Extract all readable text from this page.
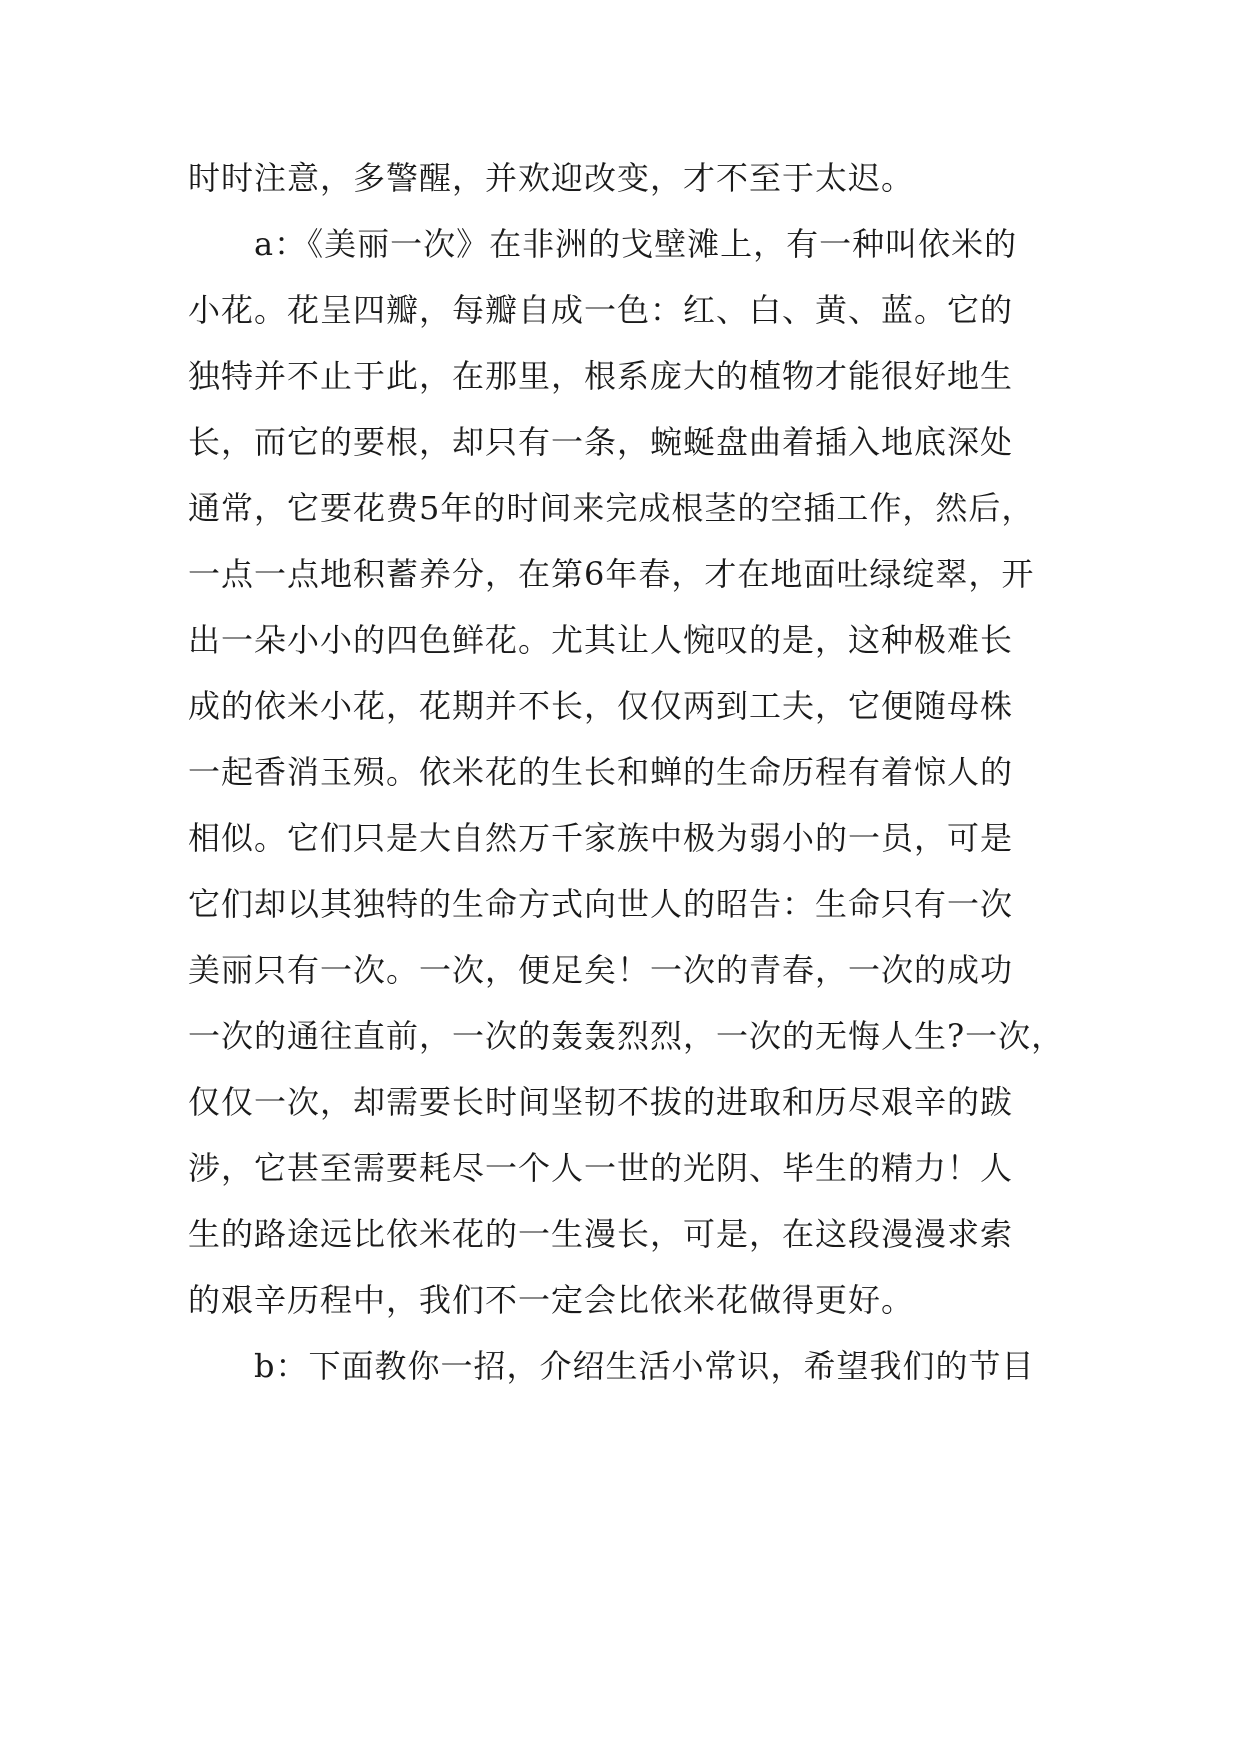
时时注意，多警醒，并欢迎改变，才不至于太迟。
a：《美丽一次》在非洲的戈壁滩上，有一种叫依米的
小花。花呈四瓣，每瓣自成一色：红、白、黄、蓝。它的
独特并不止于此，在那里，根系庞大的植物才能很好地生
长，而它的要根，却只有一条，蜿蜒盘曲着插入地底深处
通常，它要花费5年的时间来完成根茎的空插工作，然后，
一点一点地积蓄养分，在第6年春，才在地面吐绿绽翠，开
出一朵小小的四色鲜花。尤其让人惋叹的是，这种极难长
成的依米小花，花期并不长，仅仅两到工夫，它便随母株
一起香消玉殒。依米花的生长和蝉的生命历程有着惊人的
相似。它们只是大自然万千家族中极为弱小的一员，可是
它们却以其独特的生命方式向世人的昭告：生命只有一次
美丽只有一次。一次，便足矣！一次的青春，一次的成功
一次的通往直前，一次的轰轰烈烈，一次的无悔人生?一次，
仅仅一次，却需要长时间坚韧不拔的进取和历尽艰辛的跋
涉，它甚至需要耗尽一个人一世的光阴、毕生的精力！人
生的路途远比依米花的一生漫长，可是，在这段漫漫求索
的艰辛历程中，我们不一定会比依米花做得更好。
b：下面教你一招，介绍生活小常识，希望我们的节目
